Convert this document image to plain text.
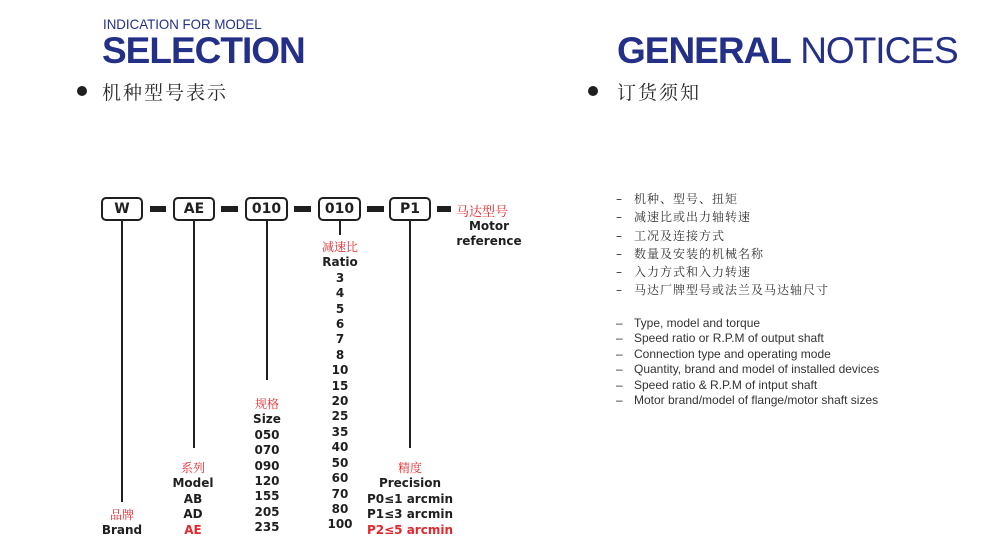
INDICATION FOR MODEL
SELECTION
机种型号表示
GENERAL NOTICES
订货须知
W	AE	010	010	P1	马达型号
Motor reference
品牌
Brand
系列
Model
AB
AD
AE
规格
Size
050
070
090
120
155
205
235
减速比
Ratio
3
4
5
6
7
8
10
15
20
25
35
40
50
60
70
80
100
精度
Precision
P0≤1 arcmin
P1≤3 arcmin
P2≤5 arcmin
– 机种、型号、扭矩
– 减速比或出力轴转速
– 工况及连接方式
– 数量及安装的机械名称
– 入力方式和入力转速
– 马达厂牌型号或法兰及马达轴尺寸
– Type, model and torque
– Speed ratio or R.P.M of output shaft
– Connection type and operating mode
– Quantity, brand and model of installed devices
– Speed ratio & R.P.M of intput shaft
– Motor brand/model of flange/motor shaft sizes
